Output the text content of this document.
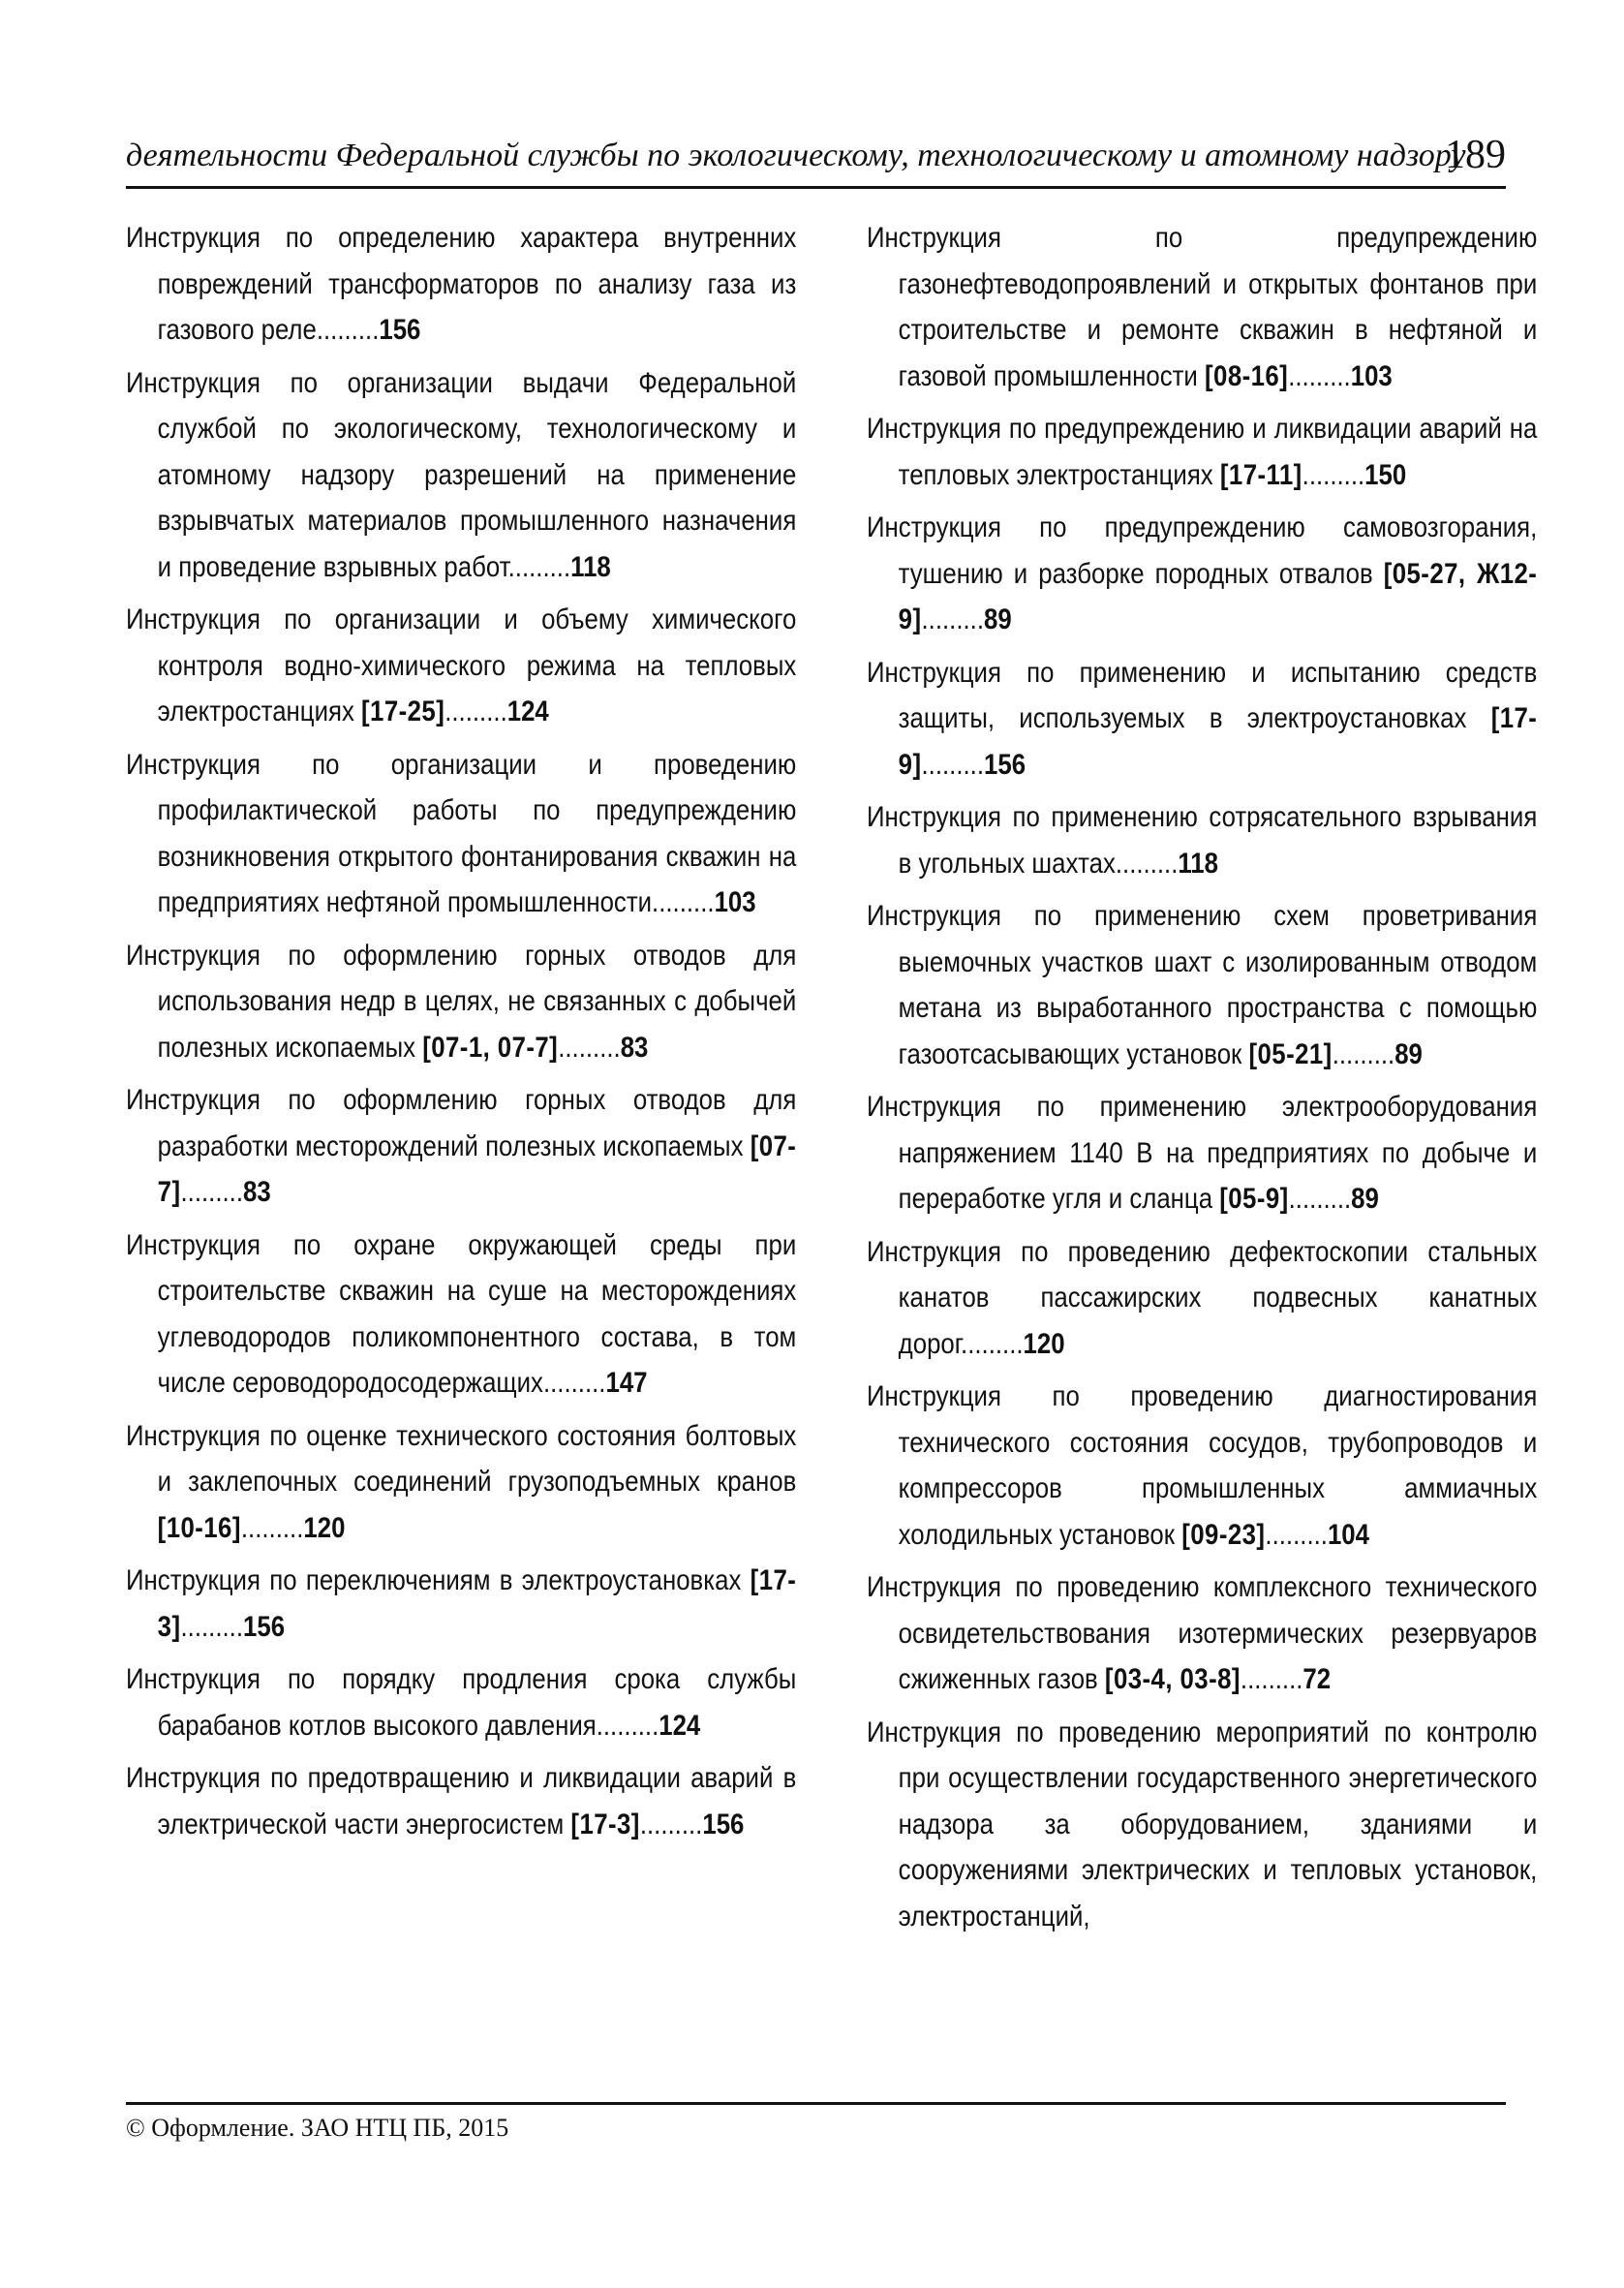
деятельности Федеральной службы по экологическому, технологическому и атомному надзору
189

Инструкция по определению характера внутренних повреждений трансформаторов по анализу газа из газового реле.........156

Инструкция по организации выдачи Федеральной службой по экологическому, технологическому и атомному надзору разрешений на применение взрывчатых материалов промышленного назначения и проведение взрывных работ.........118

Инструкция по организации и объему химического контроля водно-химического режима на тепловых электростанциях [17-25].........124

Инструкция по организации и проведению профилактической работы по предупреждению возникновения открытого фонтанирования скважин на предприятиях нефтяной промышленности.........103

Инструкция по оформлению горных отводов для использования недр в целях, не связанных с добычей полезных ископаемых [07-1, 07-7].........83

Инструкция по оформлению горных отводов для разработки месторождений полезных ископаемых [07-7].........83

Инструкция по охране окружающей среды при строительстве скважин на суше на месторождениях углеводородов поликомпонентного состава, в том числе сероводородосодержащих.........147

Инструкция по оценке технического состояния болтовых и заклепочных соединений грузоподъемных кранов [10-16].........120

Инструкция по переключениям в электроустановках [17-3].........156

Инструкция по порядку продления срока службы барабанов котлов высокого давления.........124

Инструкция по предотвращению и ликвидации аварий в электрической части энергосистем [17-3].........156

Инструкция по предупреждению газонефтеводопроявлений и открытых фонтанов при строительстве и ремонте скважин в нефтяной и газовой промышленности [08-16].........103

Инструкция по предупреждению и ликвидации аварий на тепловых электростанциях [17-11].........150

Инструкция по предупреждению самовозгорания, тушению и разборке породных отвалов [05-27, Ж12-9].........89

Инструкция по применению и испытанию средств защиты, используемых в электроустановках [17-9].........156

Инструкция по применению сотрясательного взрывания в угольных шахтах.........118

Инструкция по применению схем проветривания выемочных участков шахт с изолированным отводом метана из выработанного пространства с помощью газоотсасывающих установок [05-21].........89

Инструкция по применению электрооборудования напряжением 1140 В на предприятиях по добыче и переработке угля и сланца [05-9].........89

Инструкция по проведению дефектоскопии стальных канатов пассажирских подвесных канатных дорог.........120

Инструкция по проведению диагностирования технического состояния сосудов, трубопроводов и компрессоров промышленных аммиачных холодильных установок [09-23].........104

Инструкция по проведению комплексного технического освидетельствования изотермических резервуаров сжиженных газов [03-4, 03-8].........72

Инструкция по проведению мероприятий по контролю при осуществлении государственного энергетического надзора за оборудованием, зданиями и сооружениями электрических и тепловых установок, электростанций,

© Оформление. ЗАО НТЦ ПБ, 2015
